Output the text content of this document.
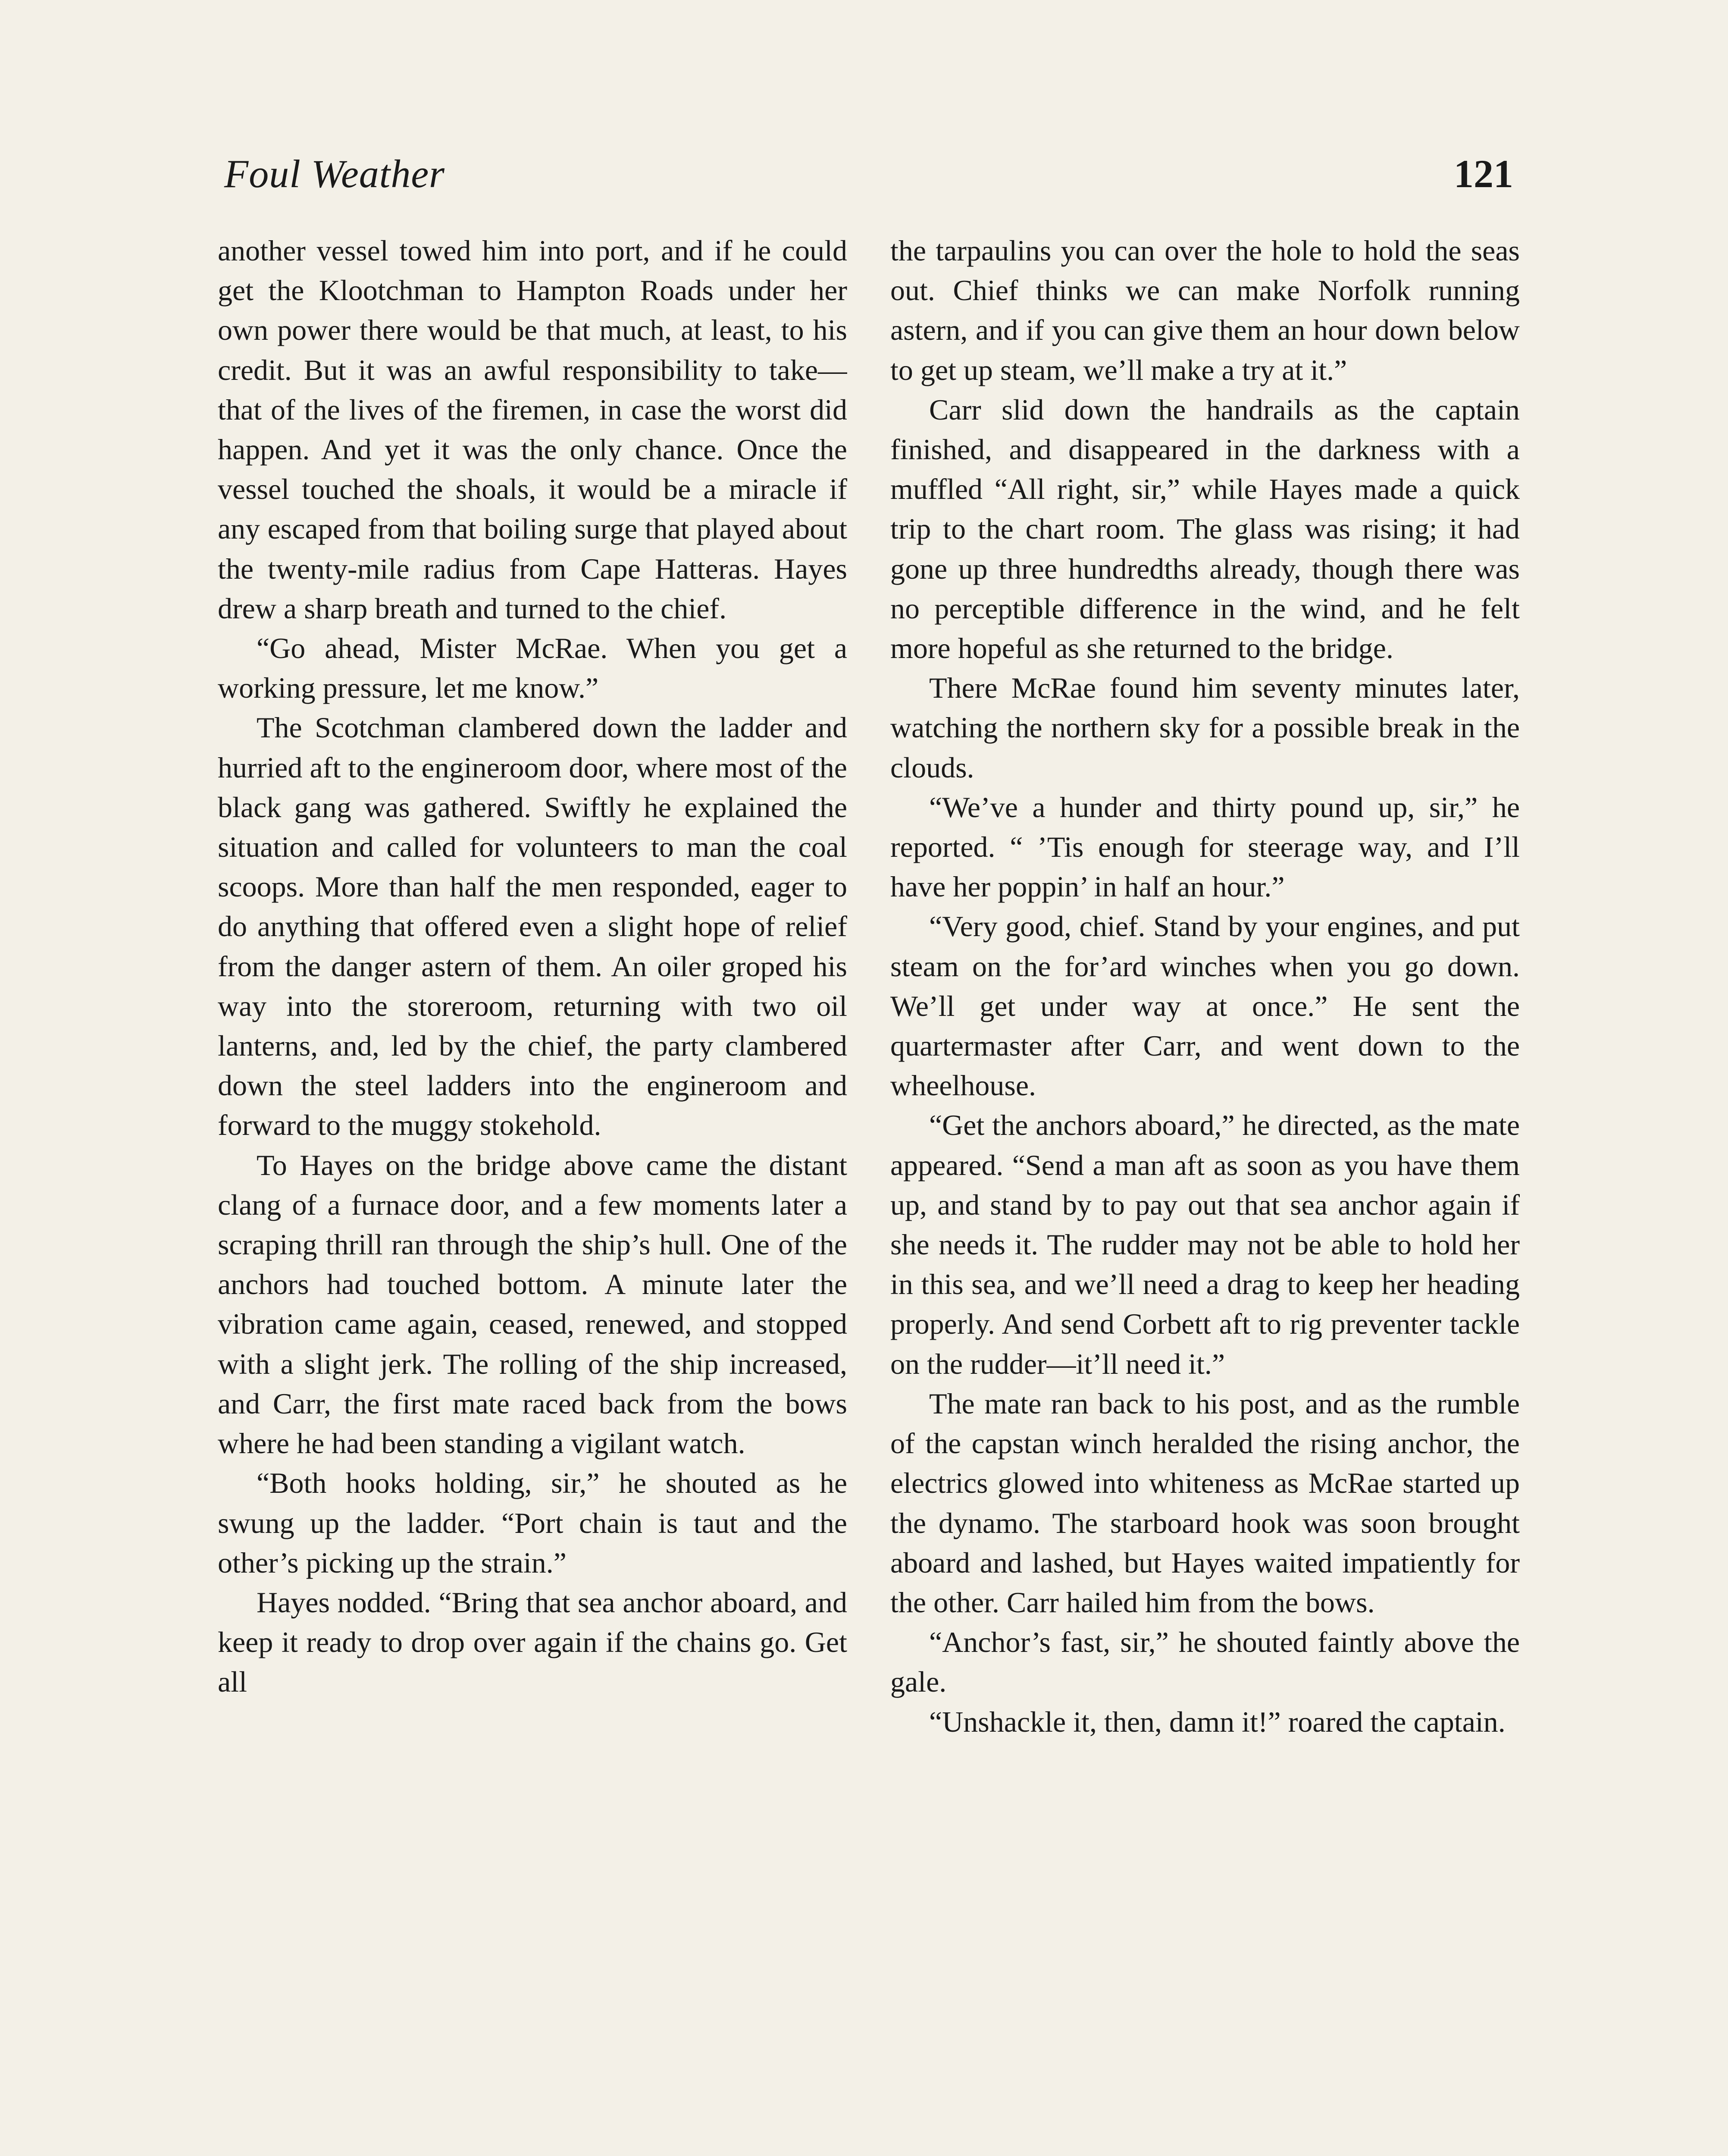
Foul Weather	121

another vessel towed him into port, and if he could get the Klootchman to Hampton Roads under her own power there would be that much, at least, to his credit. But it was an awful responsibility to take—that of the lives of the firemen, in case the worst did happen. And yet it was the only chance. Once the vessel touched the shoals, it would be a miracle if any escaped from that boiling surge that played about the twenty-mile radius from Cape Hatteras. Hayes drew a sharp breath and turned to the chief.

“Go ahead, Mister McRae. When you get a working pressure, let me know.”

The Scotchman clambered down the ladder and hurried aft to the engineroom door, where most of the black gang was gathered. Swiftly he explained the situation and called for volunteers to man the coal scoops. More than half the men responded, eager to do anything that offered even a slight hope of relief from the danger astern of them. An oiler groped his way into the storeroom, returning with two oil lanterns, and, led by the chief, the party clambered down the steel ladders into the engineroom and forward to the muggy stokehold.

To Hayes on the bridge above came the distant clang of a furnace door, and a few moments later a scraping thrill ran through the ship’s hull. One of the anchors had touched bottom. A minute later the vibration came again, ceased, renewed, and stopped with a slight jerk. The rolling of the ship increased, and Carr, the first mate raced back from the bows where he had been standing a vigilant watch.

“Both hooks holding, sir,” he shouted as he swung up the ladder. “Port chain is taut and the other’s picking up the strain.”

Hayes nodded. “Bring that sea anchor aboard, and keep it ready to drop over again if the chains go. Get all

the tarpaulins you can over the hole to hold the seas out. Chief thinks we can make Norfolk running astern, and if you can give them an hour down below to get up steam, we’ll make a try at it.”

Carr slid down the handrails as the captain finished, and disappeared in the darkness with a muffled “All right, sir,” while Hayes made a quick trip to the chart room. The glass was rising; it had gone up three hundredths already, though there was no perceptible difference in the wind, and he felt more hopeful as she returned to the bridge.

There McRae found him seventy minutes later, watching the northern sky for a possible break in the clouds.

“We’ve a hunder and thirty pound up, sir,” he reported. “ ’Tis enough for steerage way, and I’ll have her poppin’ in half an hour.”

“Very good, chief. Stand by your engines, and put steam on the for’ard winches when you go down. We’ll get under way at once.” He sent the quartermaster after Carr, and went down to the wheelhouse.

“Get the anchors aboard,” he directed, as the mate appeared. “Send a man aft as soon as you have them up, and stand by to pay out that sea anchor again if she needs it. The rudder may not be able to hold her in this sea, and we’ll need a drag to keep her heading properly. And send Corbett aft to rig preventer tackle on the rudder—it’ll need it.”

The mate ran back to his post, and as the rumble of the capstan winch heralded the rising anchor, the electrics glowed into whiteness as McRae started up the dynamo. The starboard hook was soon brought aboard and lashed, but Hayes waited impatiently for the other. Carr hailed him from the bows.

“Anchor’s fast, sir,” he shouted faintly above the gale.

“Unshackle it, then, damn it!” roared the captain.
